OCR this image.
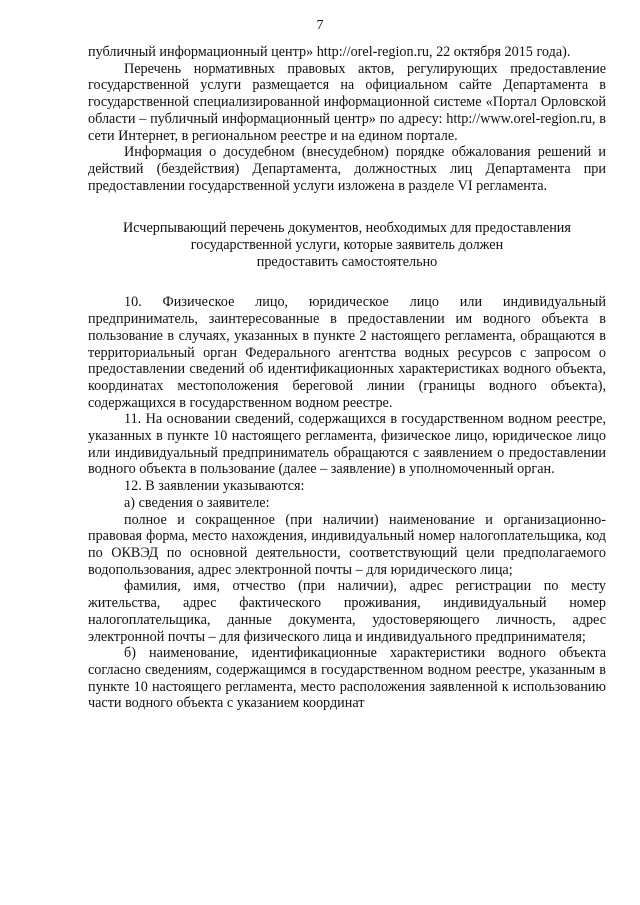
7

публичный информационный центр» http://orel-region.ru, 22 октября 2015 года).

Перечень нормативных правовых актов, регулирующих предоставление государственной услуги размещается на официальном сайте Департамента в государственной специализированной информационной системе «Портал Орловской области – публичный информационный центр» по адресу: http://www.orel-region.ru, в сети Интернет, в региональном реестре и на едином портале.

Информация о досудебном (внесудебном) порядке обжалования решений и действий (бездействия) Департамента, должностных лиц Департамента при предоставлении государственной услуги изложена в разделе VI регламента.

Исчерпывающий перечень документов, необходимых для предоставления
государственной услуги, которые заявитель должен
предоставить самостоятельно

10. Физическое лицо, юридическое лицо или индивидуальный предприниматель, заинтересованные в предоставлении им водного объекта в пользование в случаях, указанных в пункте 2 настоящего регламента, обращаются в территориальный орган Федерального агентства водных ресурсов с запросом о предоставлении сведений об идентификационных характеристиках водного объекта, координатах местоположения береговой линии (границы водного объекта), содержащихся в государственном водном реестре.

11. На основании сведений, содержащихся в государственном водном реестре, указанных в пункте 10 настоящего регламента, физическое лицо, юридическое лицо или индивидуальный предприниматель обращаются с заявлением о предоставлении водного объекта в пользование (далее – заявление) в уполномоченный орган.

12. В заявлении указываются:

а) сведения о заявителе:

полное и сокращенное (при наличии) наименование и организационно-правовая форма, место нахождения, индивидуальный номер налогоплательщика, код по ОКВЭД по основной деятельности, соответствующий цели предполагаемого водопользования, адрес электронной почты – для юридического лица;

фамилия, имя, отчество (при наличии), адрес регистрации по месту жительства, адрес фактического проживания, индивидуальный номер налогоплательщика, данные документа, удостоверяющего личность, адрес электронной почты – для физического лица и индивидуального предпринимателя;

б) наименование, идентификационные характеристики водного объекта согласно сведениям, содержащимся в государственном водном реестре, указанным в пункте 10 настоящего регламента, место расположения заявленной к использованию части водного объекта с указанием координат
